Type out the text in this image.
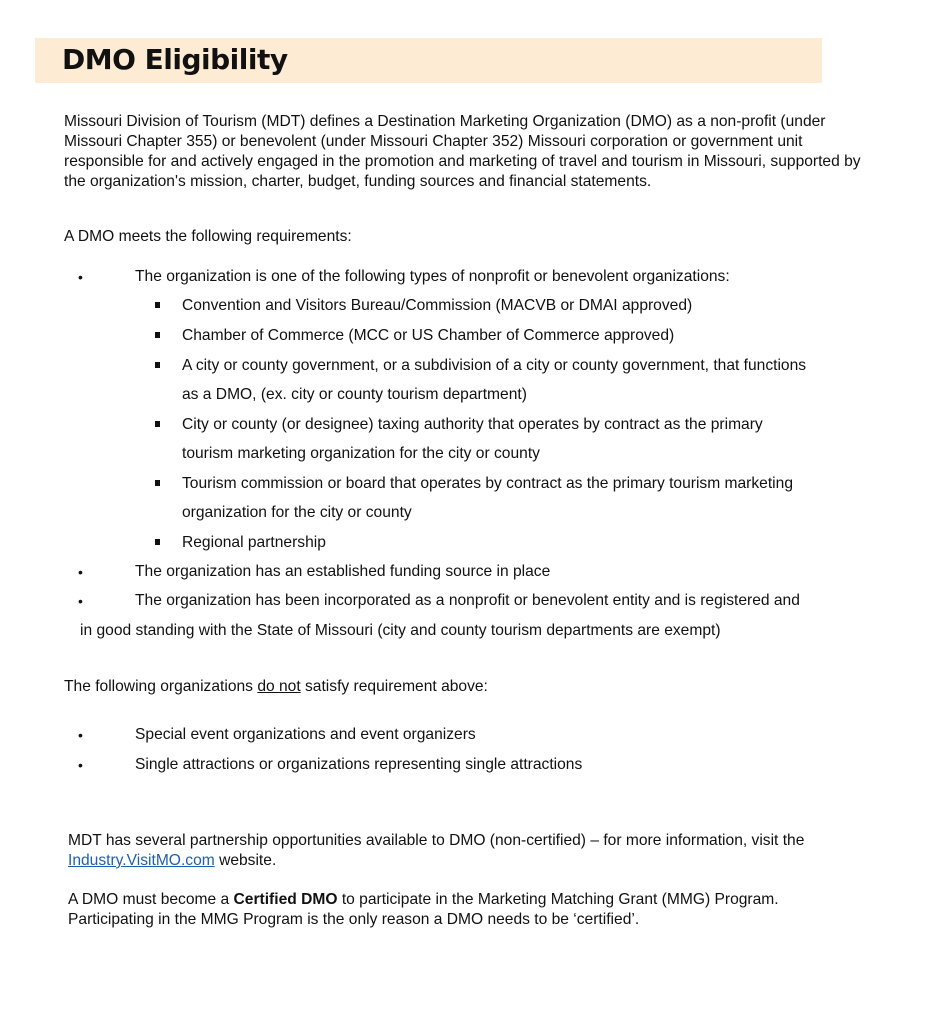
DMO Eligibility

Missouri Division of Tourism (MDT) defines a Destination Marketing Organization (DMO) as a non-profit (under Missouri Chapter 355) or benevolent (under Missouri Chapter 352) Missouri corporation or government unit responsible for and actively engaged in the promotion and marketing of travel and tourism in Missouri, supported by the organization's mission, charter, budget, funding sources and financial statements.

A DMO meets the following requirements:

•	The organization is one of the following types of nonprofit or benevolent organizations:
Convention and Visitors Bureau/Commission (MACVB or DMAI approved)
Chamber of Commerce (MCC or US Chamber of Commerce approved)
A city or county government, or a subdivision of a city or county government, that functions
as a DMO, (ex. city or county tourism department)
City or county (or designee) taxing authority that operates by contract as the primary
tourism marketing organization for the city or county
Tourism commission or board that operates by contract as the primary tourism marketing
organization for the city or county
Regional partnership
•	The organization has an established funding source in place
•	The organization has been incorporated as a nonprofit or benevolent entity and is registered and
in good standing with the State of Missouri (city and county tourism departments are exempt)
The following organizations do not satisfy requirement above:
•	Special event organizations and event organizers
•	Single attractions or organizations representing single attractions
MDT has several partnership opportunities available to DMO (non-certified) – for more information, visit the
Industry.VisitMO.com website.
A DMO must become a Certified DMO to participate in the Marketing Matching Grant (MMG) Program.
Participating in the MMG Program is the only reason a DMO needs to be ‘certified’.
